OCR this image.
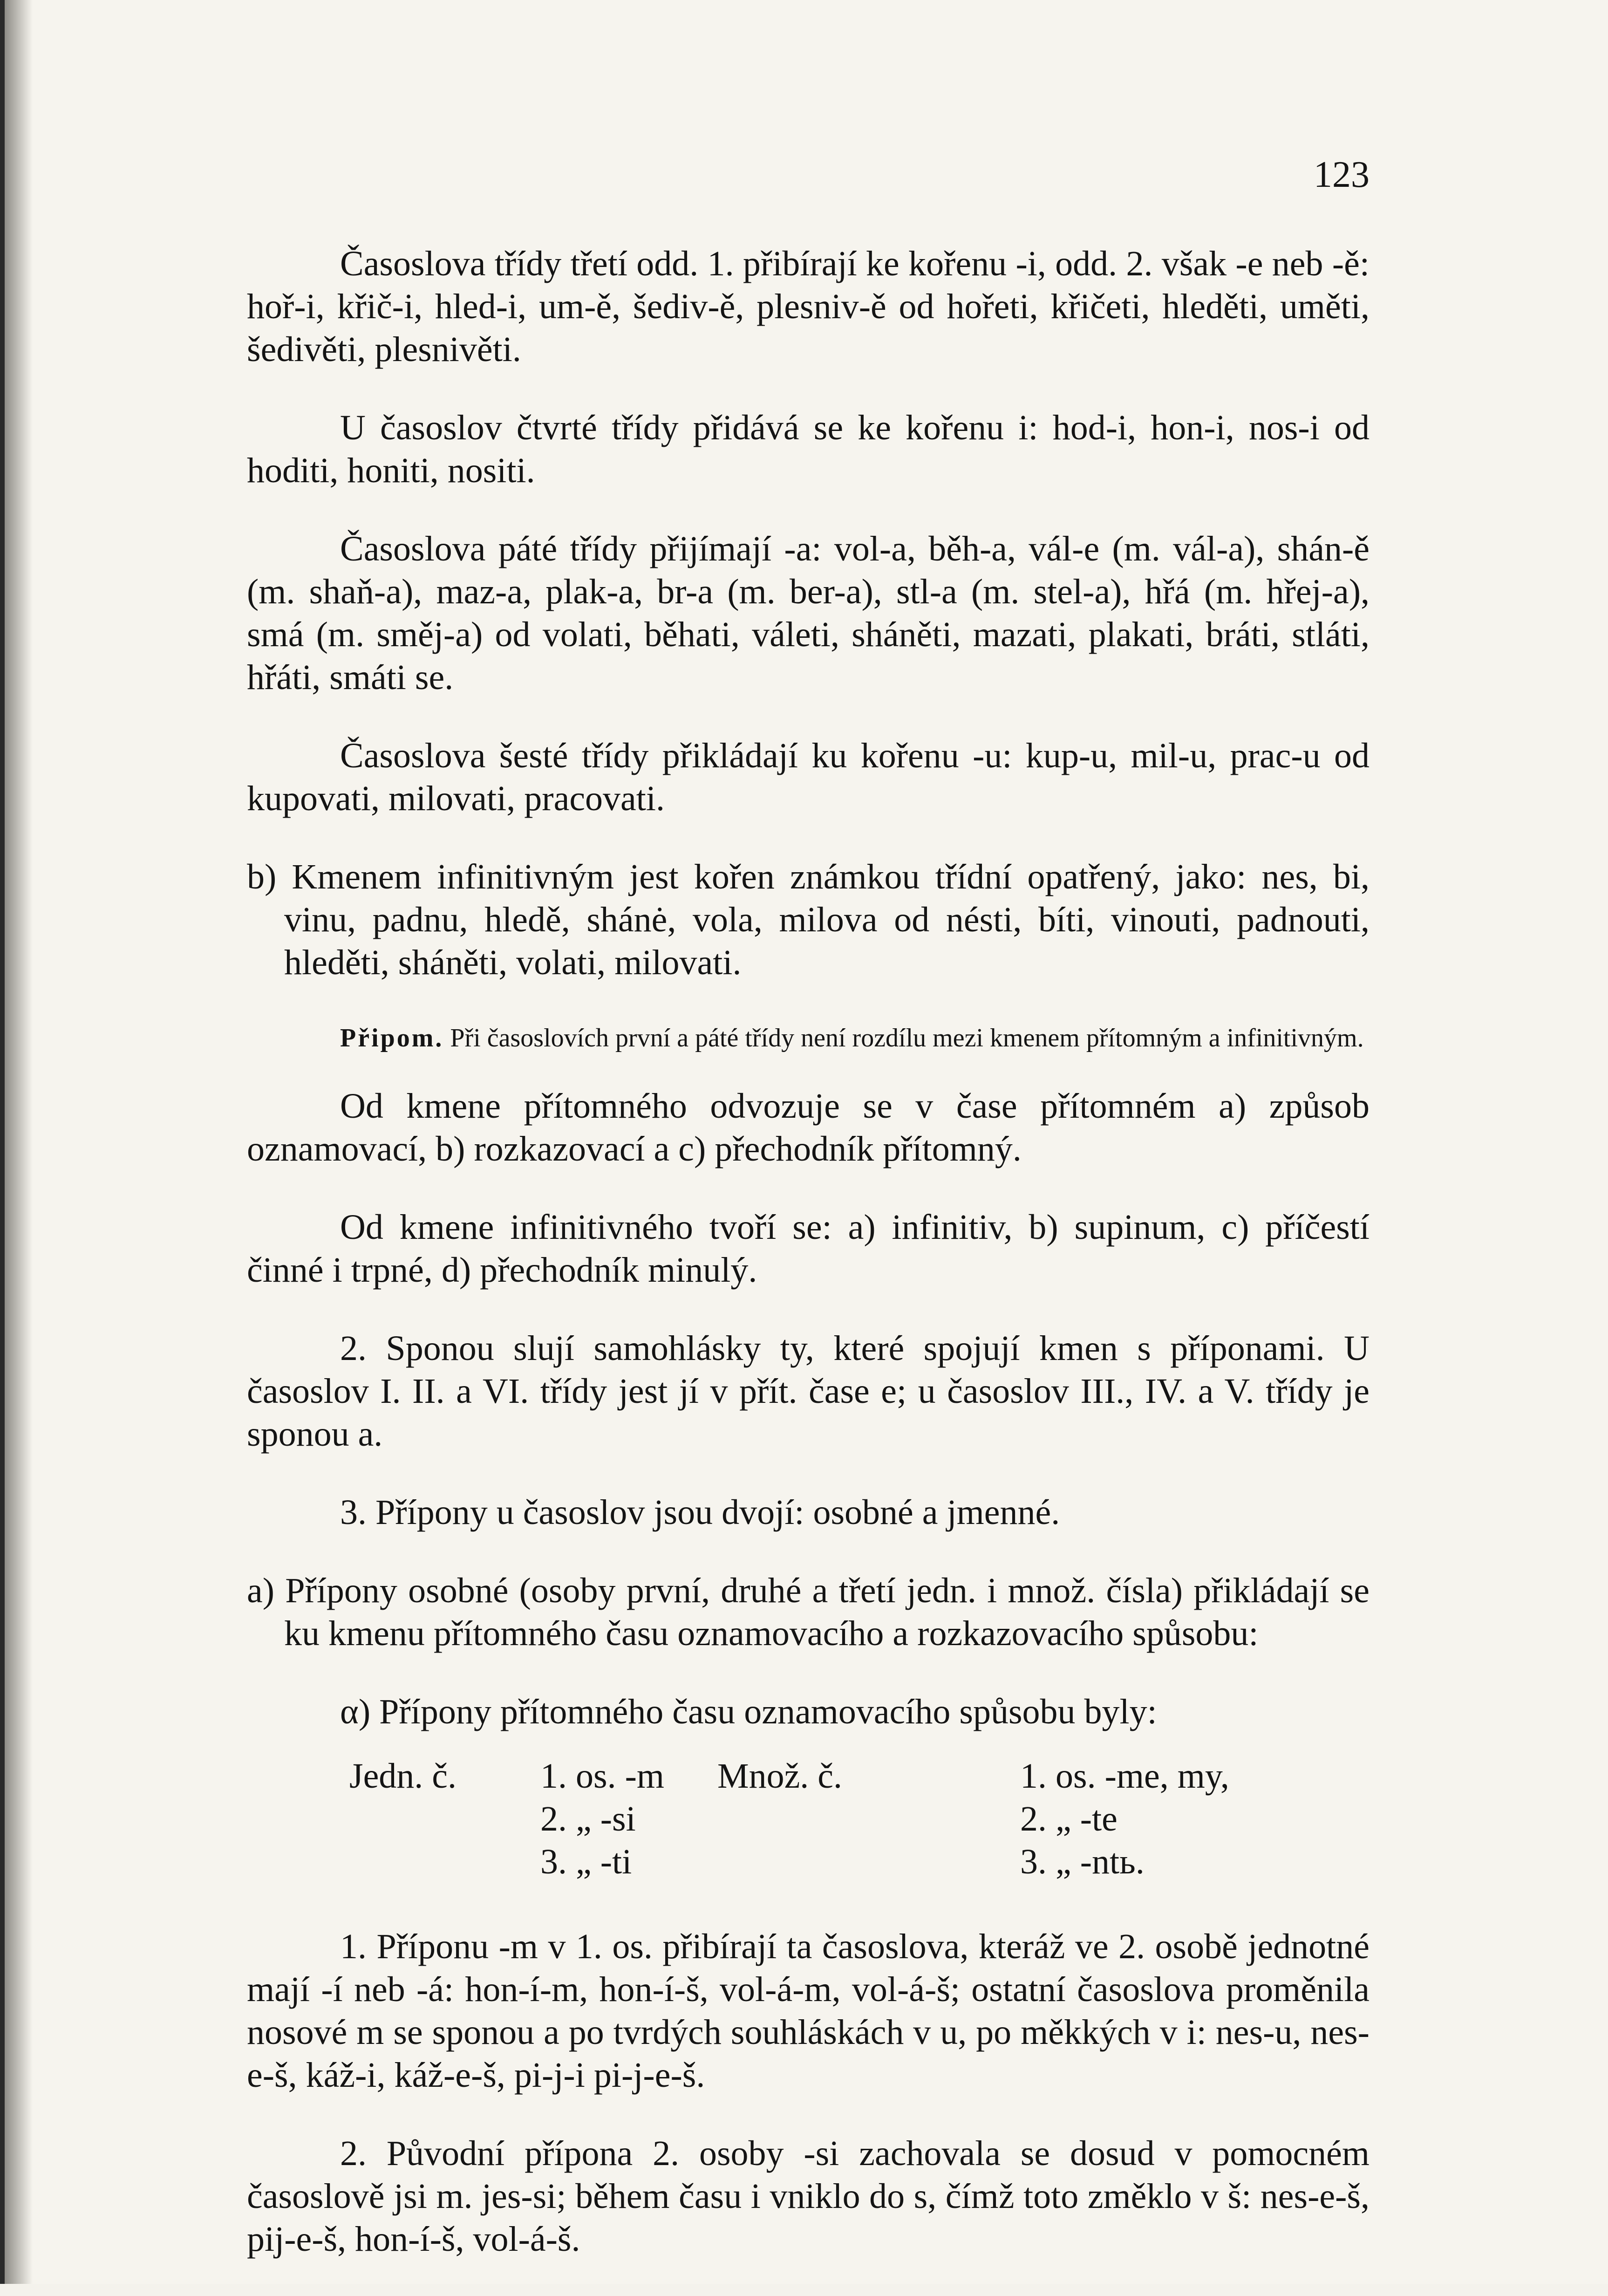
123

Časoslova třídy třetí odd. 1. přibírají ke kořenu -i, odd. 2. však -e neb -ě: hoř-i, křič-i, hled-i, um-ě, šediv-ě, plesniv-ě od hořeti, křičeti, hleděti, uměti, šedivěti, plesnivěti.

U časoslov čtvrté třídy přidává se ke kořenu i: hod-i, hon-i, nos-i od hoditi, honiti, nositi.

Časoslova páté třídy přijímají -a: vol-a, běh-a, vál-e (m. vál-a), shán-ě (m. shaň-a), maz-a, plak-a, br-a (m. ber-a), stl-a (m. stel-a), hřá (m. hřej-a), smá (m. směj-a) od volati, běhati, váleti, sháněti, mazati, plakati, bráti, stláti, hřáti, smáti se.

Časoslova šesté třídy přikládají ku kořenu -u: kup-u, mil-u, prac-u od kupovati, milovati, pracovati.

b) Kmenem infinitivným jest kořen známkou třídní opatřený, jako: nes, bi, vinu, padnu, hledě, shánė, vola, milova od nésti, bíti, vinouti, padnouti, hleděti, sháněti, volati, milovati.

Připom. Při časoslovích první a páté třídy není rozdílu mezi kmenem přítomným a infinitivným.

Od kmene přítomného odvozuje se v čase přítomném a) způsob oznamovací, b) rozkazovací a c) přechodník přítomný.

Od kmene infinitivného tvoří se: a) infinitiv, b) supinum, c) příčestí činné i trpné, d) přechodník minulý.

2. Sponou slují samohlásky ty, které spojují kmen s příponami. U časoslov I. II. a VI. třídy jest jí v přít. čase e; u časoslov III., IV. a V. třídy je sponou a.

3. Přípony u časoslov jsou dvojí: osobné a jmenné.

a) Přípony osobné (osoby první, druhé a třetí jedn. i množ. čísla) přikládají se ku kmenu přítomného času oznamovacího a rozkazovacího spůsobu:

α) Přípony přítomného času oznamovacího spůsobu byly:

Jedn. č.	1. os. -m	Množ. č.	1. os. -me, my,
2. „ -si	2. „ -te
3. „ -ti	3. „ -ntь.

1. Příponu -m v 1. os. přibírají ta časoslova, kteráž ve 2. osobě jednotné mají -í neb -á: hon-í-m, hon-í-š, vol-á-m, vol-á-š; ostatní časoslova proměnila nosové m se sponou a po tvrdých souhláskách v u, po měkkých v i: nes-u, nes-e-š, káž-i, káž-e-š, pi-j-i pi-j-e-š.

2. Původní přípona 2. osoby -si zachovala se dosud v pomocném časoslově jsi m. jes-si; během času i vniklo do s, čímž toto změklo v š: nes-e-š, pij-e-š, hon-í-š, vol-á-š.
